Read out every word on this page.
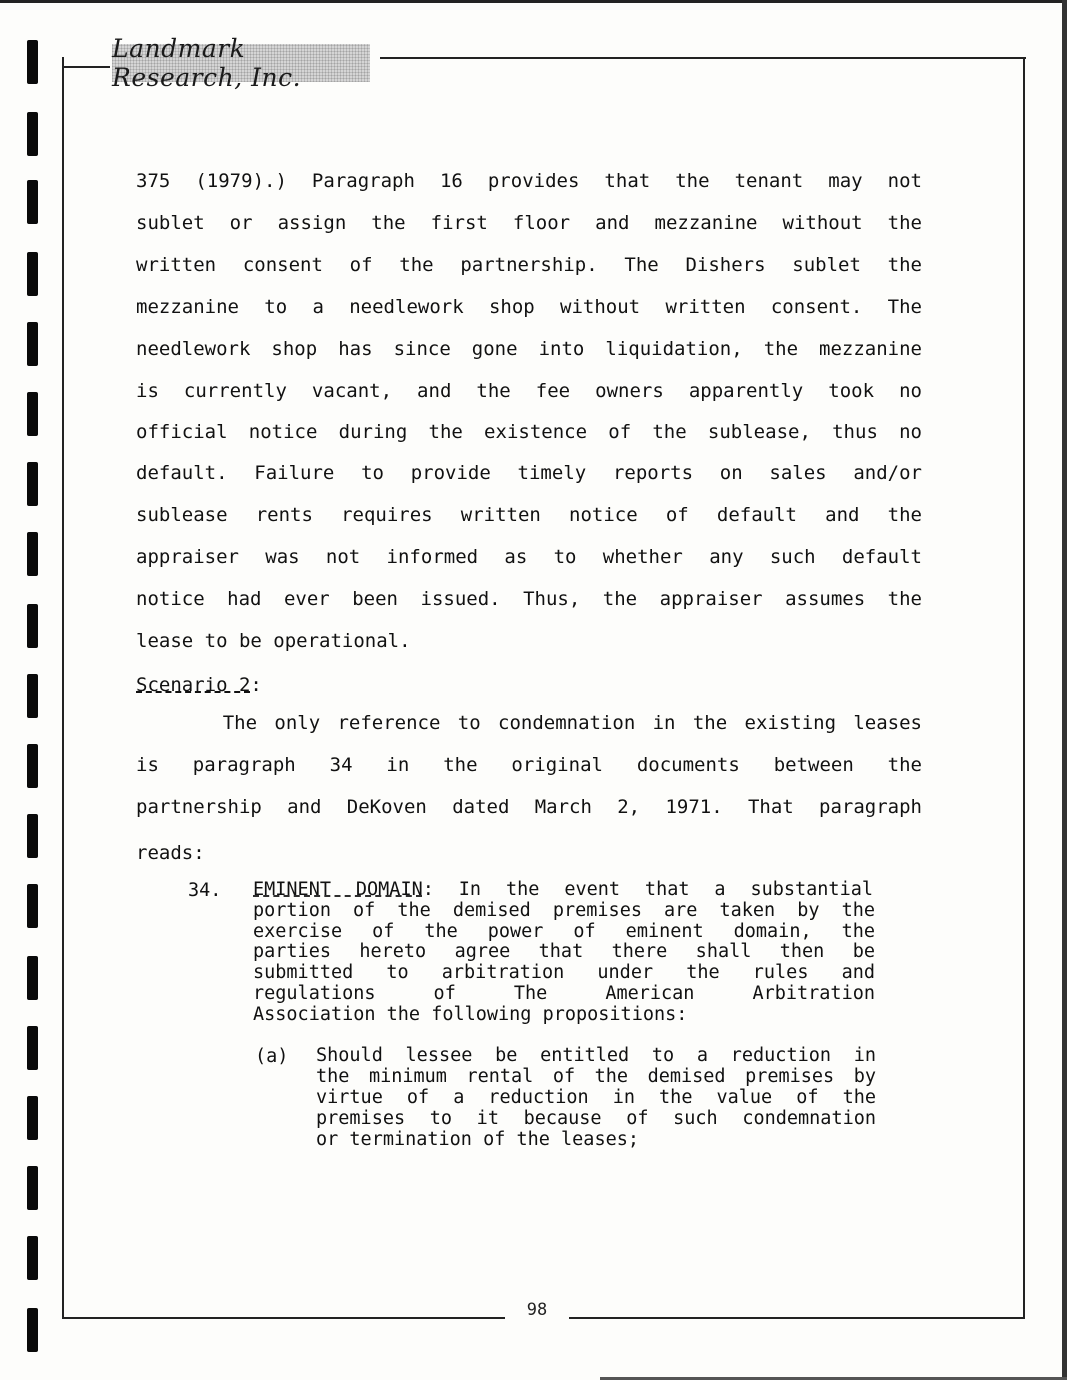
Landmark Research, Inc.
375 (1979).) Paragraph 16 provides that the tenant may not
sublet or assign the first floor and mezzanine without the
written consent of the partnership. The Dishers sublet the
mezzanine to a needlework shop without written consent. The
needlework shop has since gone into liquidation, the mezzanine
is currently vacant, and the fee owners apparently took no
official notice during the existence of the sublease, thus no
default. Failure to provide timely reports on sales and/or
sublease rents requires written notice of default and the
appraiser was not informed as to whether any such default
notice had ever been issued. Thus, the appraiser assumes the
lease to be operational.
Scenario 2:
The only reference to condemnation in the existing leases
is paragraph 34 in the original documents between the
partnership and DeKoven dated March 2, 1971. That paragraph
reads:
34. EMINENT DOMAIN: In the event that a substantial
portion of the demised premises are taken by the
exercise of the power of eminent domain, the
parties hereto agree that there shall then be
submitted to arbitration under the rules and
regulations of The American Arbitration
Association the following propositions:
(a) Should lessee be entitled to a reduction in
the minimum rental of the demised premises by
virtue of a reduction in the value of the
premises to it because of such condemnation
or termination of the leases;
98
